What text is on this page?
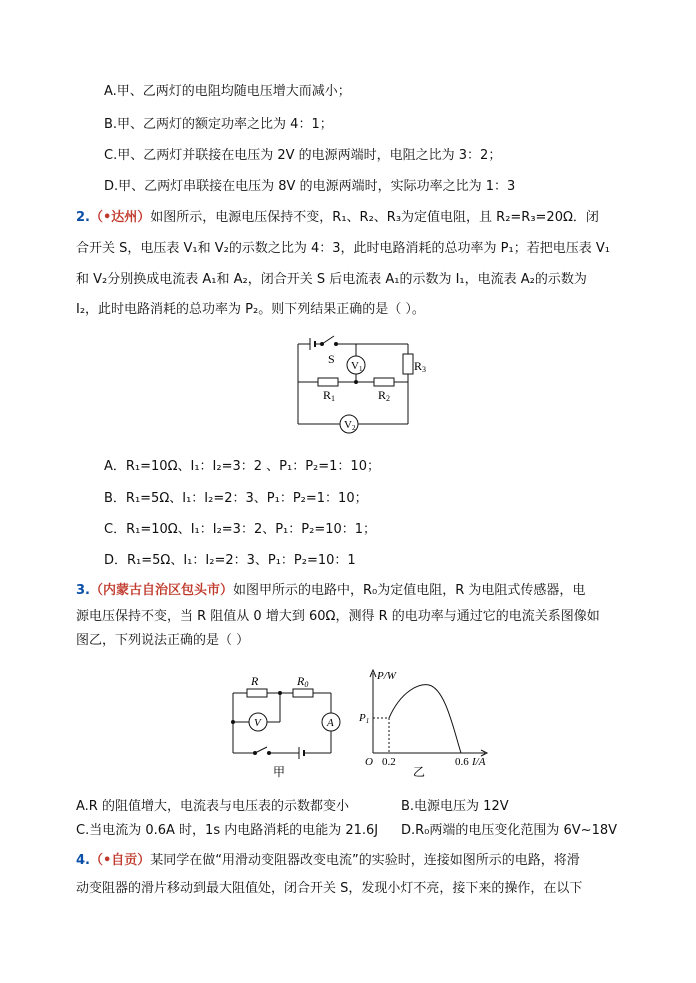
A.甲、乙两灯的电阻均随电压增大而减小；
B.甲、乙两灯的额定功率之比为 4：1；
C.甲、乙两灯并联接在电压为 2V 的电源两端时，电阻之比为 3：2；
D.甲、乙两灯串联接在电压为 8V 的电源两端时，实际功率之比为 1：3
2.（•达州）如图所示，电源电压保持不变，R₁、R₂、R₃为定值电阻，且 R₂=R₃=20Ω．闭
合开关 S，电压表 V₁和 V₂的示数之比为 4：3，此时电路消耗的总功率为 P₁；若把电压表 V₁
和 V₂分别换成电流表 A₁和 A₂，闭合开关 S 后电流表 A₁的示数为 I₁，电流表 A₂的示数为
I₂，此时电路消耗的总功率为 P₂。则下列结果正确的是（ ）。
S V1
V2
R1	R2
R3
A．R₁=10Ω、I₁：I₂=3：2 、P₁：P₂=1：10；
B．R₁=5Ω、I₁：I₂=2：3、P₁：P₂=1：10；
C．R₁=10Ω、I₁：I₂=3：2、P₁：P₂=10：1；
D．R₁=5Ω、I₁：I₂=2：3、P₁：P₂=10：1
3.（内蒙古自治区包头市）如图甲所示的电路中，R₀为定值电阻，R 为电阻式传感器，电
源电压保持不变，当 R 阻值从 0 增大到 60Ω，测得 R 的电功率与通过它的电流关系图像如
图乙，下列说法正确的是（ ）
R	R0
V	A
甲
P/W
P1
O 0.2	0.6 I/A
乙
A.R 的阻值增大，电流表与电压表的示数都变小	B.电源电压为 12V
C.当电流为 0.6A 时，1s 内电路消耗的电能为 21.6J D.R₀两端的电压变化范围为 6V~18V
4.（•自贡）某同学在做“用滑动变阻器改变电流”的实验时，连接如图所示的电路，将滑
动变阻器的滑片移动到最大阻值处，闭合开关 S，发现小灯不亮，接下来的操作，在以下
